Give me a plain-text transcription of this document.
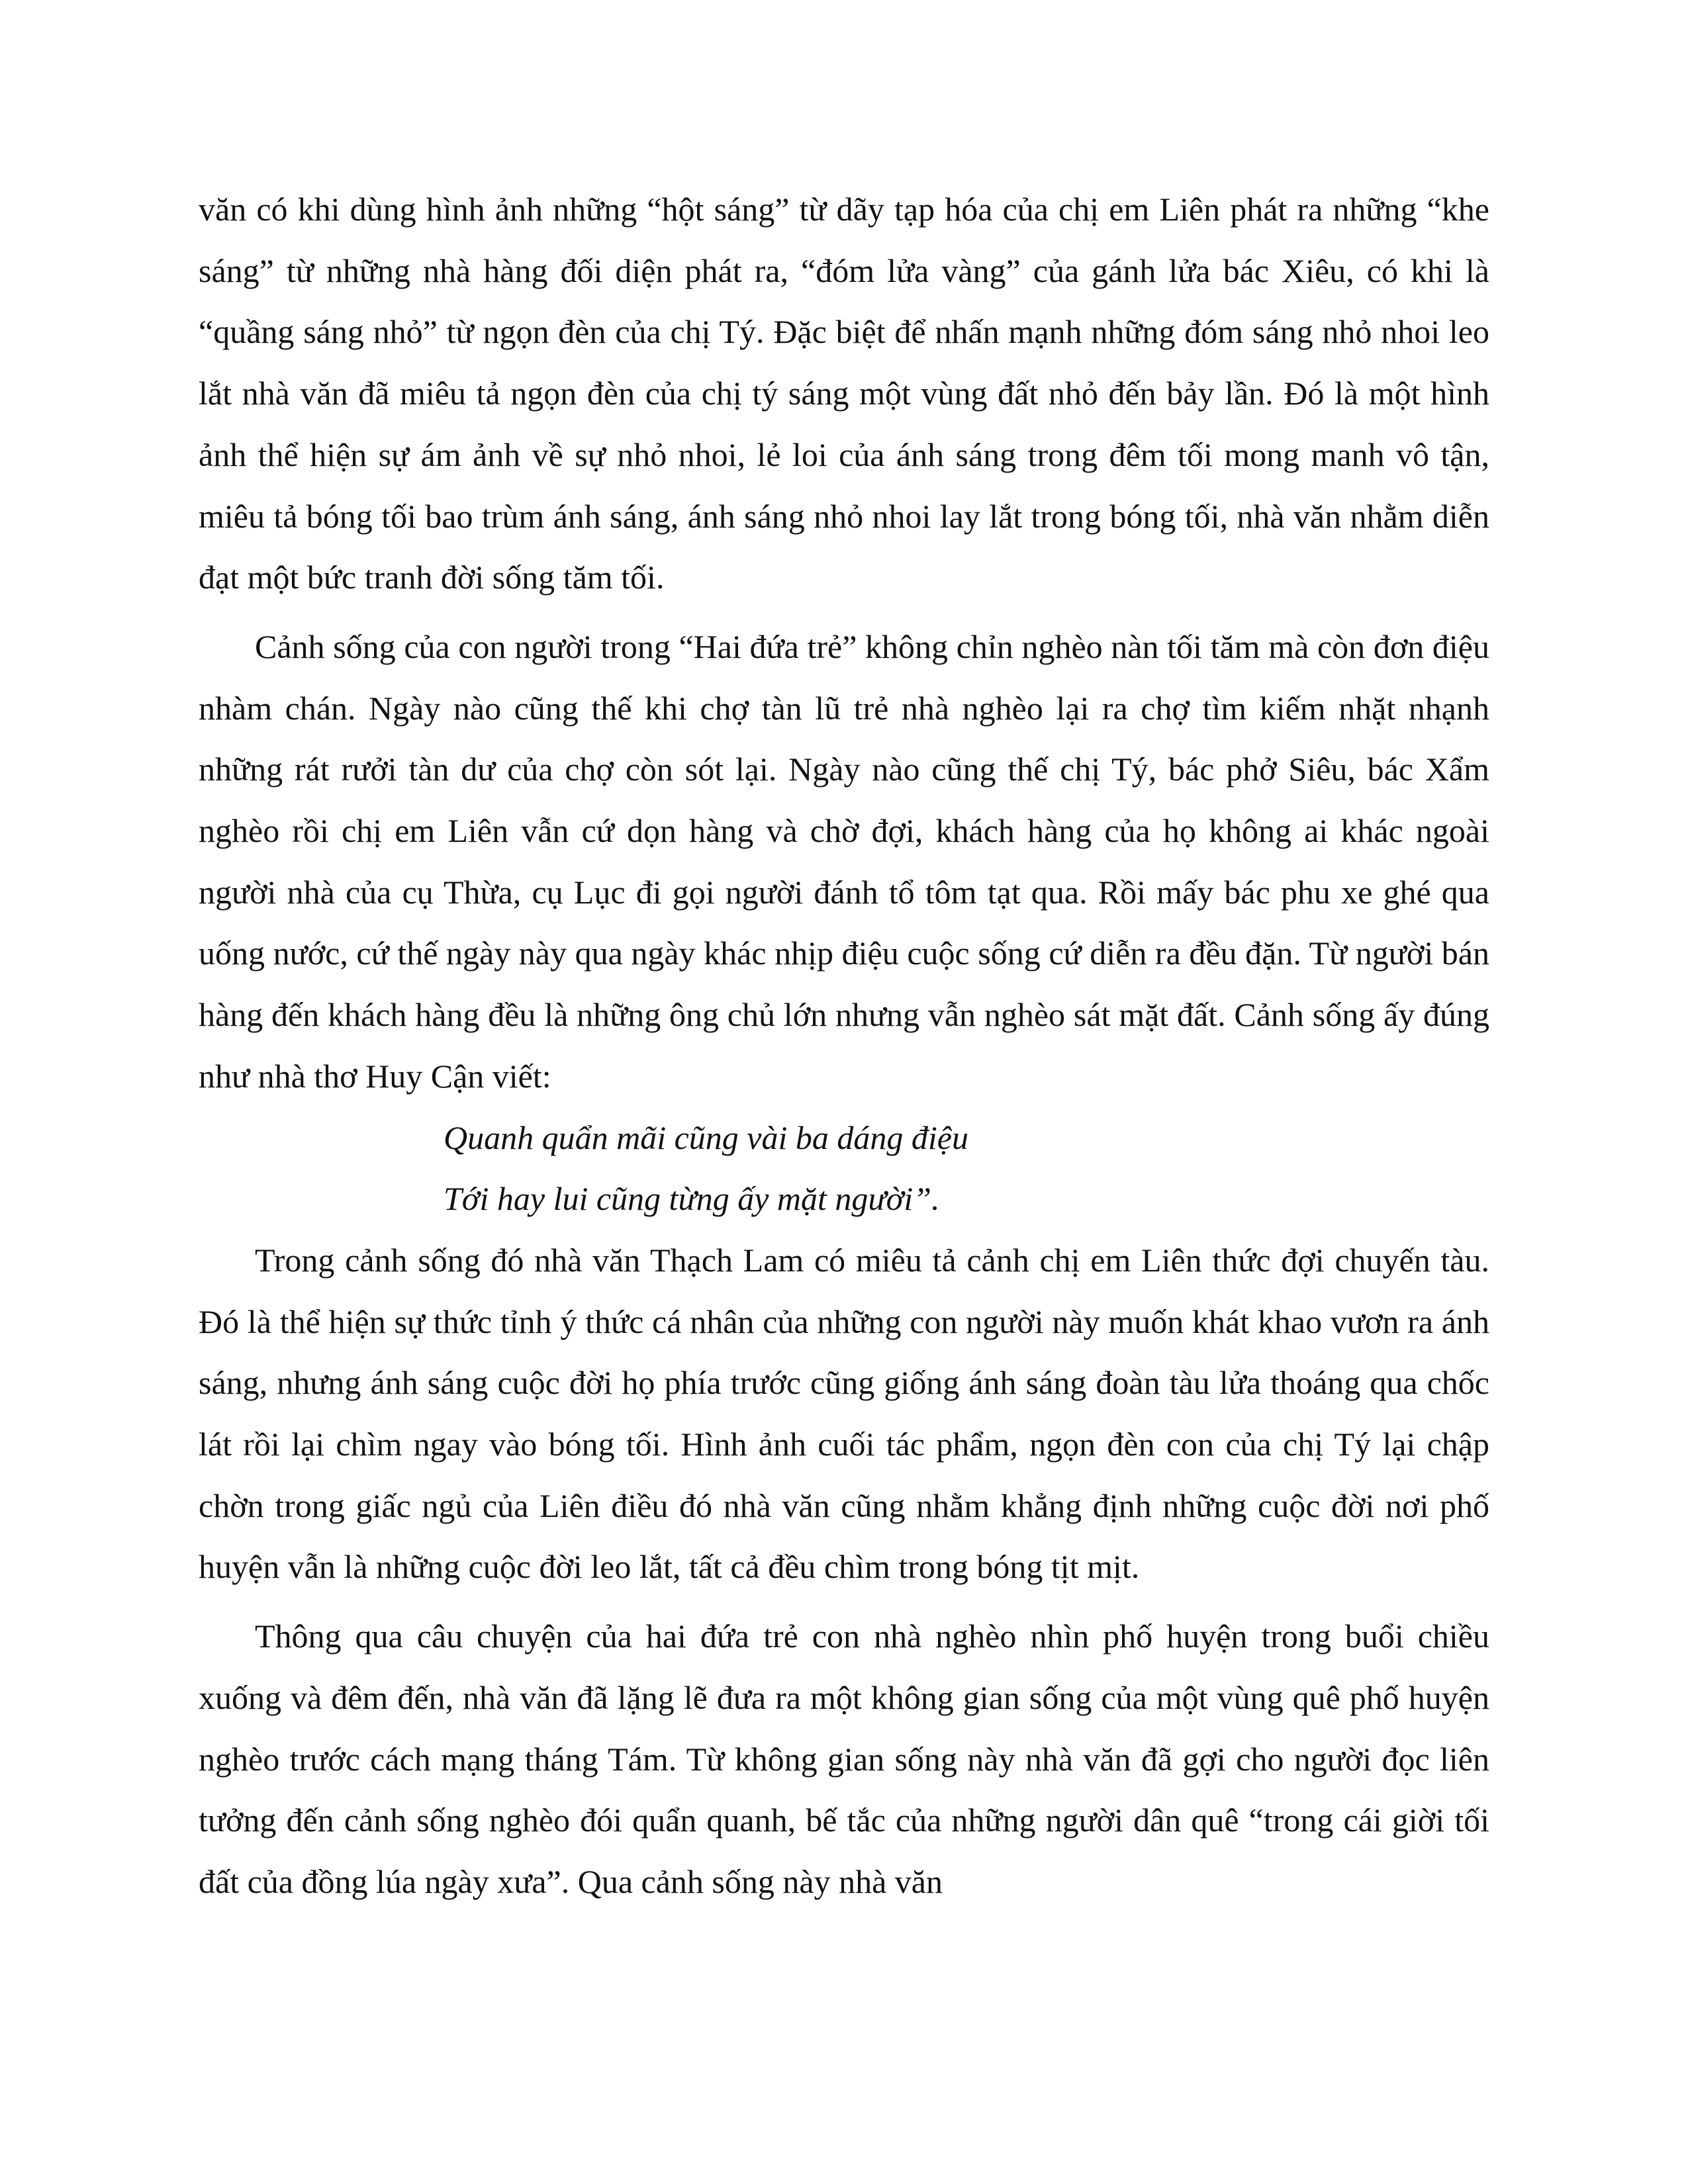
văn có khi dùng hình ảnh những “hột sáng” từ dãy tạp hóa của chị em Liên phát ra những “khe sáng” từ những nhà hàng đối diện phát ra, “đóm lửa vàng” của gánh lửa bác Xiêu, có khi là “quầng sáng nhỏ” từ ngọn đèn của chị Tý. Đặc biệt để nhấn mạnh những đóm sáng nhỏ nhoi leo lắt nhà văn đã miêu tả ngọn đèn của chị tý sáng một vùng đất nhỏ đến bảy lần. Đó là một hình ảnh thể hiện sự ám ảnh về sự nhỏ nhoi, lẻ loi của ánh sáng trong đêm tối mong manh vô tận, miêu tả bóng tối bao trùm ánh sáng, ánh sáng nhỏ nhoi lay lắt trong bóng tối, nhà văn nhằm diễn đạt một bức tranh đời sống tăm tối.

Cảnh sống của con người trong “Hai đứa trẻ” không chỉn nghèo nàn tối tăm mà còn đơn điệu nhàm chán. Ngày nào cũng thế khi chợ tàn lũ trẻ nhà nghèo lại ra chợ tìm kiếm nhặt nhạnh những rát rưởi tàn dư của chợ còn sót lại. Ngày nào cũng thế chị Tý, bác phở Siêu, bác Xẩm nghèo rồi chị em Liên vẫn cứ dọn hàng và chờ đợi, khách hàng của họ không ai khác ngoài người nhà của cụ Thừa, cụ Lục đi gọi người đánh tổ tôm tạt qua. Rồi mấy bác phu xe ghé qua uống nước, cứ thế ngày này qua ngày khác nhịp điệu cuộc sống cứ diễn ra đều đặn. Từ người bán hàng đến khách hàng đều là những ông chủ lớn nhưng vẫn nghèo sát mặt đất. Cảnh sống ấy đúng như nhà thơ Huy Cận viết:

Quanh quẩn mãi cũng vài ba dáng điệu

Tới hay lui cũng từng ấy mặt người”.

Trong cảnh sống đó nhà văn Thạch Lam có miêu tả cảnh chị em Liên thức đợi chuyến tàu. Đó là thể hiện sự thức tỉnh ý thức cá nhân của những con người này muốn khát khao vươn ra ánh sáng, nhưng ánh sáng cuộc đời họ phía trước cũng giống ánh sáng đoàn tàu lửa thoáng qua chốc lát rồi lại chìm ngay vào bóng tối. Hình ảnh cuối tác phẩm, ngọn đèn con của chị Tý lại chập chờn trong giấc ngủ của Liên điều đó nhà văn cũng nhằm khẳng định những cuộc đời nơi phố huyện vẫn là những cuộc đời leo lắt, tất cả đều chìm trong bóng tịt mịt.

Thông qua câu chuyện của hai đứa trẻ con nhà nghèo nhìn phố huyện trong buổi chiều xuống và đêm đến, nhà văn đã lặng lẽ đưa ra một không gian sống của một vùng quê phố huyện nghèo trước cách mạng tháng Tám. Từ không gian sống này nhà văn đã gợi cho người đọc liên tưởng đến cảnh sống nghèo đói quẩn quanh, bế tắc của những người dân quê “trong cái giời tối đất của đồng lúa ngày xưa”. Qua cảnh sống này nhà văn
